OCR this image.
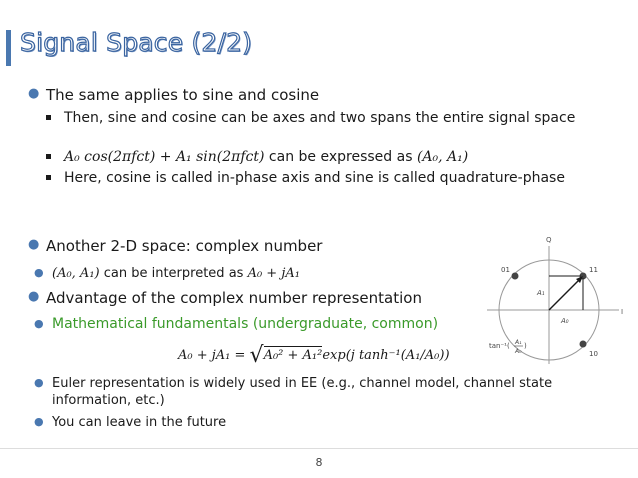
Signal Space (2/2)
● The same applies to sine and cosine
Then, sine and cosine can be axes and two spans the entire signal space
A₀ cos(2πfᴄt) + A₁ sin(2πfᴄt) can be expressed as (A₀, A₁)
Here, cosine is called in-phase axis and sine is called quadrature-phase
● Another 2-D space: complex number
● (A₀, A₁) can be interpreted as A₀ + jA₁
● Advantage of the complex number representation
● Mathematical fundamentals (undergraduate, common)
A₀ + jA₁ = √A₀² + A₁²exp(j tanh⁻¹(A₁/A₀))
● Euler representation is widely used in EE (e.g., channel model, channel state information, etc.)
● You can leave in the future
Q
I
01	11
10
A₁
A₀
tan⁻¹( A₁
A₀
)
8
